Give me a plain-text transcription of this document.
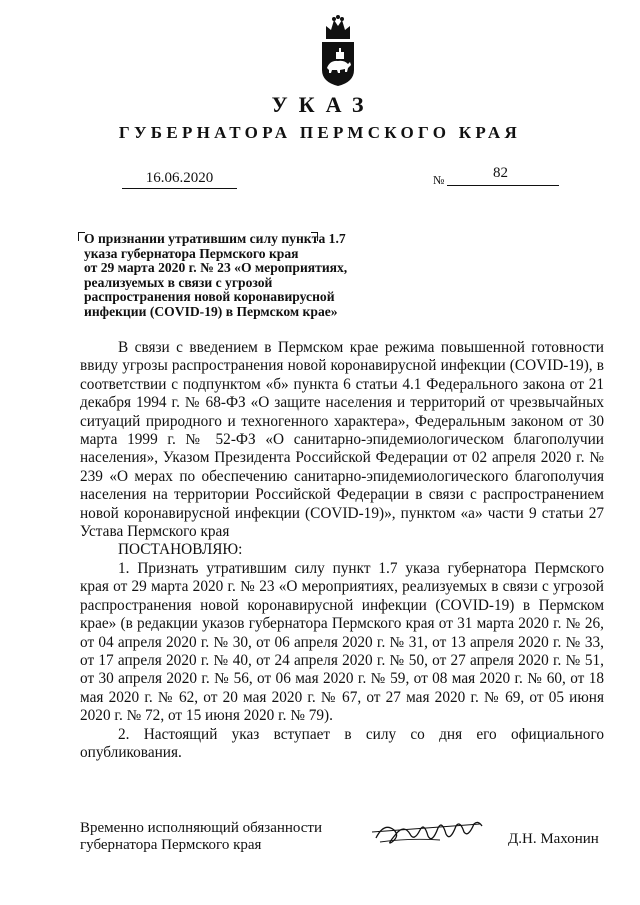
УКАЗ
ГУБЕРНАТОРА ПЕРМСКОГО КРАЯ
16.06.2020	№	82

О признании утратившим силу пункта 1.7
указа губернатора Пермского края
от 29 марта 2020 г. № 23 «О мероприятиях,
реализуемых в связи с угрозой
распространения новой коронавирусной
инфекции (COVID-19) в Пермском крае»

В связи с введением в Пермском крае режима повышенной готовности ввиду угрозы распространения новой коронавирусной инфекции (COVID-19), в соответствии с подпунктом «б» пункта 6 статьи 4.1 Федерального закона от 21 декабря 1994 г. № 68-ФЗ «О защите населения и территорий от чрезвычайных ситуаций природного и техногенного характера», Федеральным законом от 30 марта 1999 г. № 52-ФЗ «О санитарно-эпидемиологическом благополучии населения», Указом Президента Российской Федерации от 02 апреля 2020 г. № 239 «О мерах по обеспечению санитарно-эпидемиологического благополучия населения на территории Российской Федерации в связи с распространением новой коронавирусной инфекции (COVID-19)», пунктом «а» части 9 статьи 27 Устава Пермского края

ПОСТАНОВЛЯЮ:

1. Признать утратившим силу пункт 1.7 указа губернатора Пермского края от 29 марта 2020 г. № 23 «О мероприятиях, реализуемых в связи с угрозой распространения новой коронавирусной инфекции (COVID-19) в Пермском крае» (в редакции указов губернатора Пермского края от 31 марта 2020 г. № 26, от 04 апреля 2020 г. № 30, от 06 апреля 2020 г. № 31, от 13 апреля 2020 г. № 33, от 17 апреля 2020 г. № 40, от 24 апреля 2020 г. № 50, от 27 апреля 2020 г. № 51, от 30 апреля 2020 г. № 56, от 06 мая 2020 г. № 59, от 08 мая 2020 г. № 60, от 18 мая 2020 г. № 62, от 20 мая 2020 г. № 67, от 27 мая 2020 г. № 69, от 05 июня 2020 г. № 72, от 15 июня 2020 г. № 79).

2. Настоящий указ вступает в силу со дня его официального опубликования.

Временно исполняющий обязанности
губернатора Пермского края	Д.Н. Махонин
